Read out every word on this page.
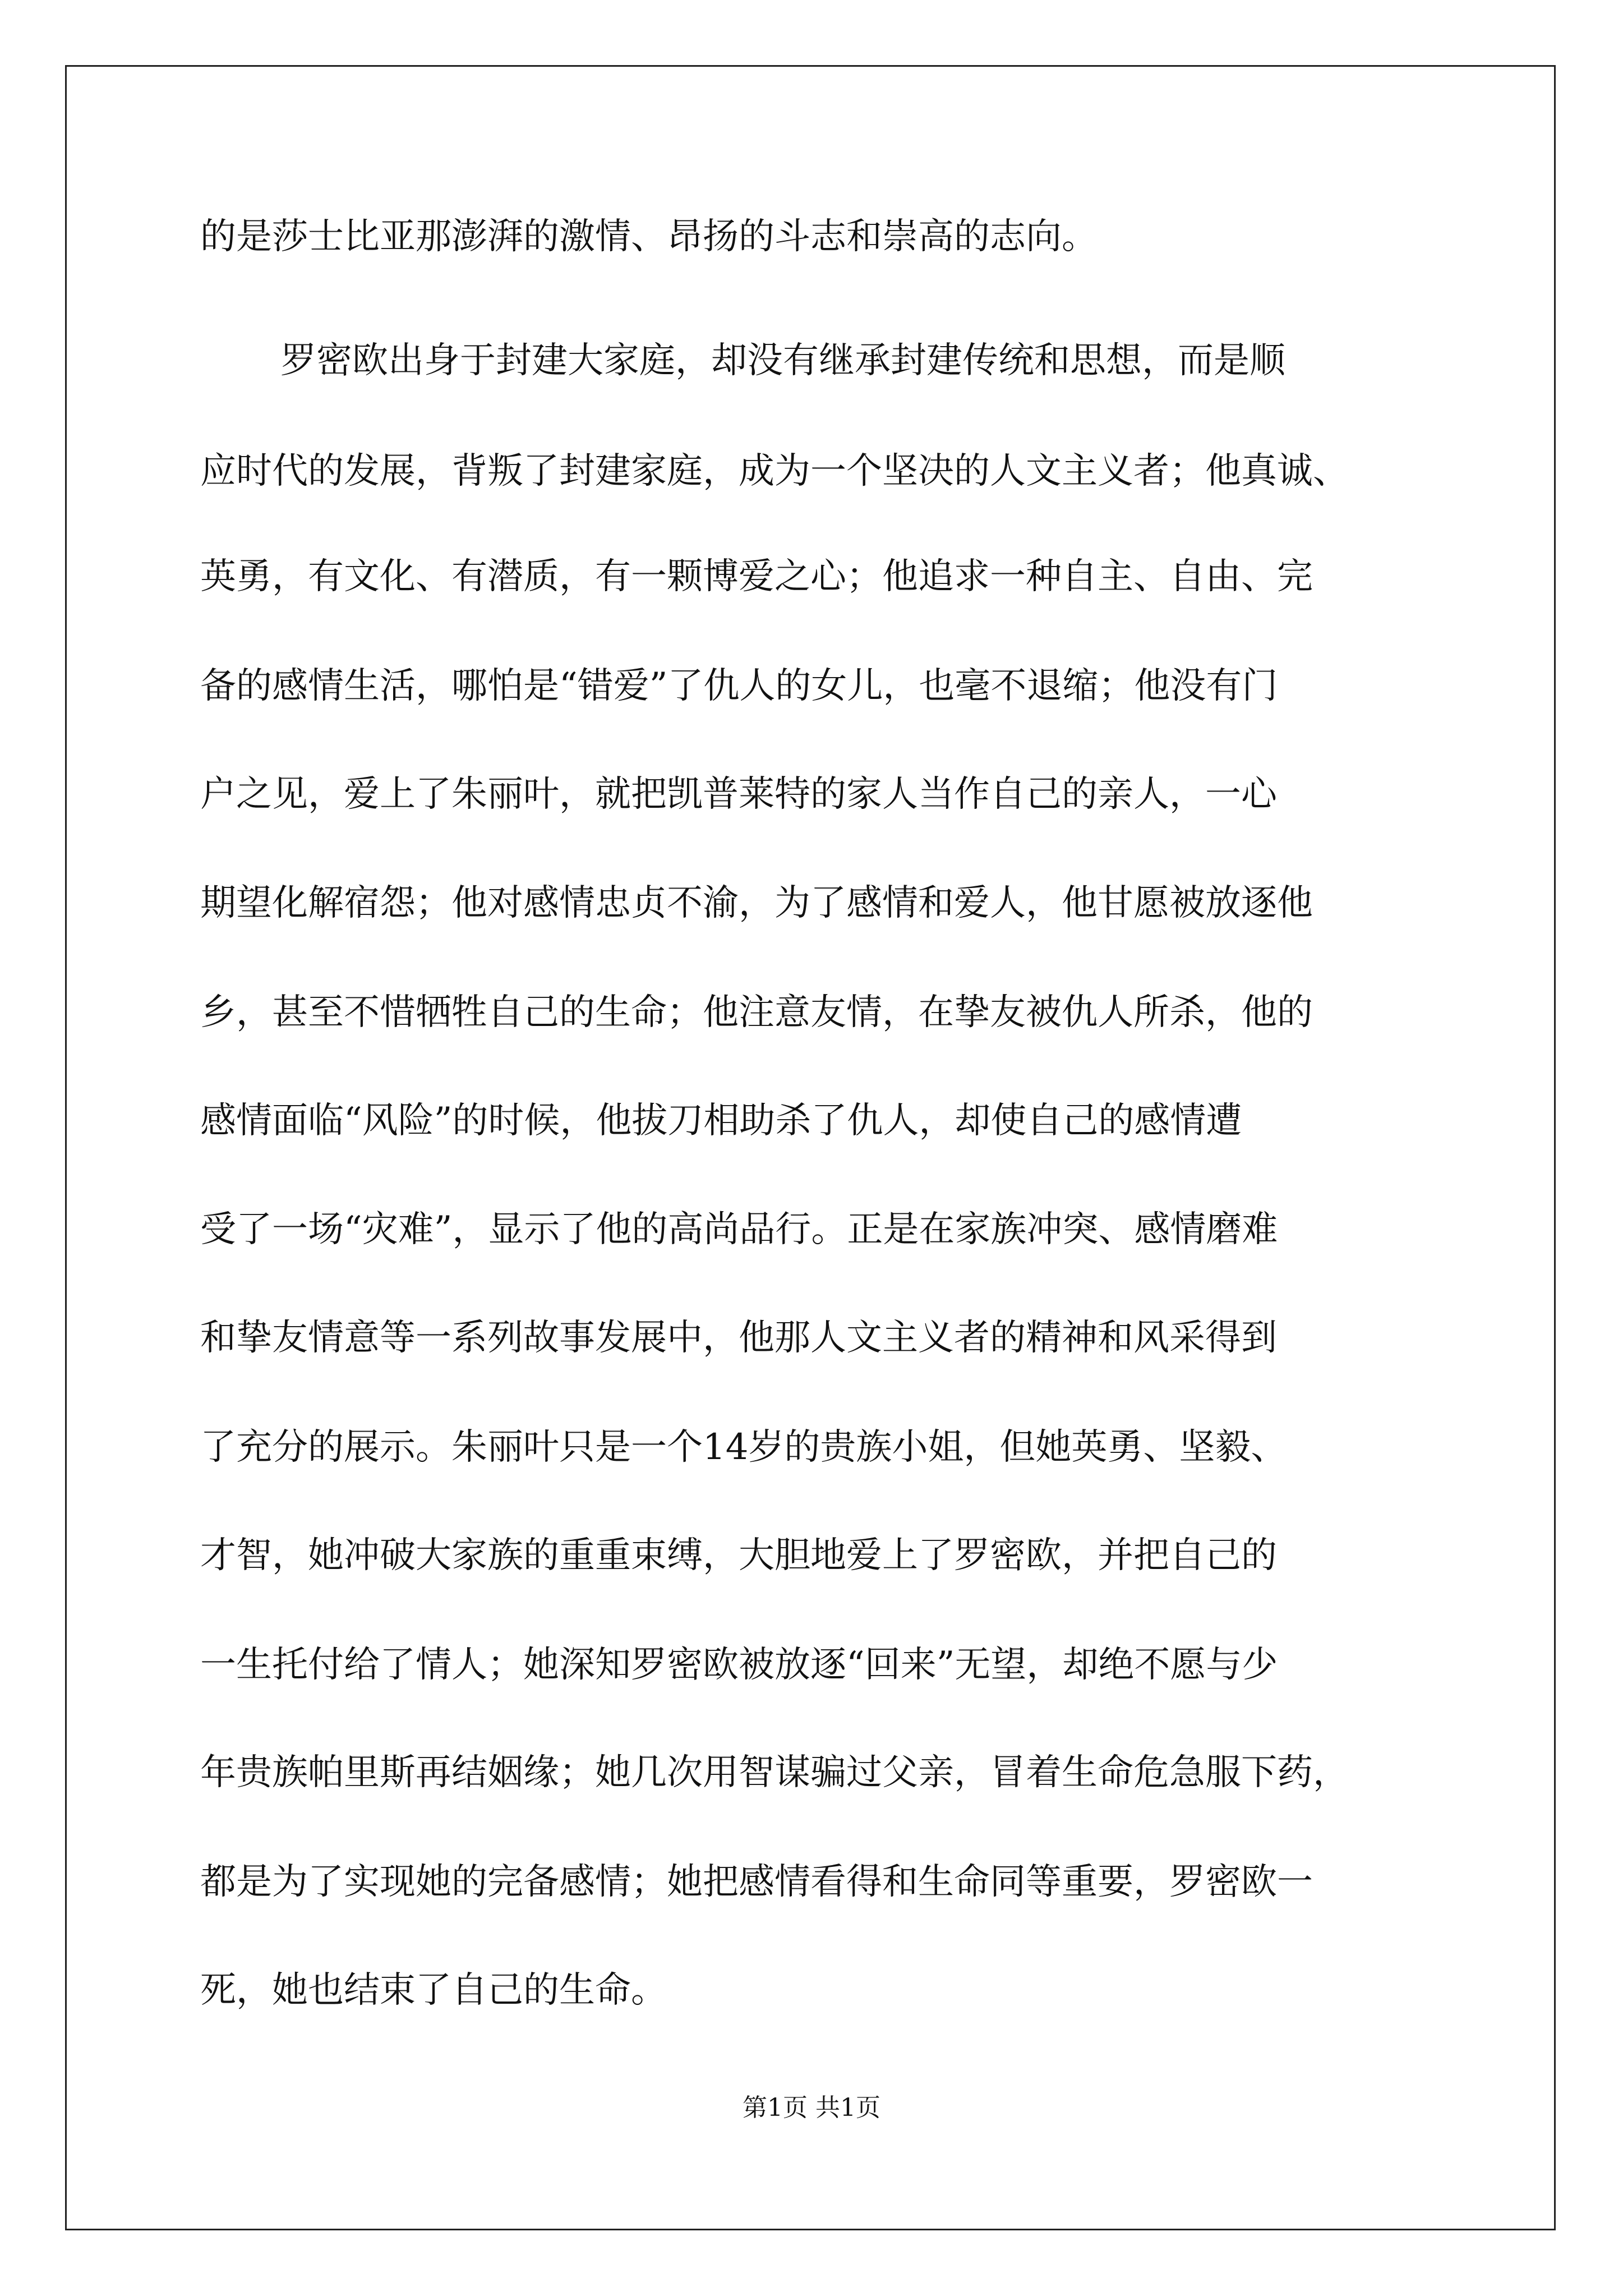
的是莎士比亚那澎湃的激情、昂扬的斗志和崇高的志向。

罗密欧出身于封建大家庭，却没有继承封建传统和思想，而是顺

应时代的发展，背叛了封建家庭，成为一个坚决的人文主义者；他真诚、

英勇，有文化、有潜质，有一颗博爱之心；他追求一种自主、自由、完

备的感情生活，哪怕是“错爱”了仇人的女儿，也毫不退缩；他没有门

户之见，爱上了朱丽叶，就把凯普莱特的家人当作自己的亲人，一心

期望化解宿怨；他对感情忠贞不渝，为了感情和爱人，他甘愿被放逐他

乡，甚至不惜牺牲自己的生命；他注意友情，在挚友被仇人所杀，他的

感情面临“风险”的时候，他拔刀相助杀了仇人，却使自己的感情遭

受了一场“灾难”，显示了他的高尚品行。正是在家族冲突、感情磨难

和挚友情意等一系列故事发展中，他那人文主义者的精神和风采得到

了充分的展示。朱丽叶只是一个14岁的贵族小姐，但她英勇、坚毅、

才智，她冲破大家族的重重束缚，大胆地爱上了罗密欧，并把自己的

一生托付给了情人；她深知罗密欧被放逐“回来”无望，却绝不愿与少

年贵族帕里斯再结姻缘；她几次用智谋骗过父亲，冒着生命危急服下药，

都是为了实现她的完备感情；她把感情看得和生命同等重要，罗密欧一

死，她也结束了自己的生命。

第1页 共1页
